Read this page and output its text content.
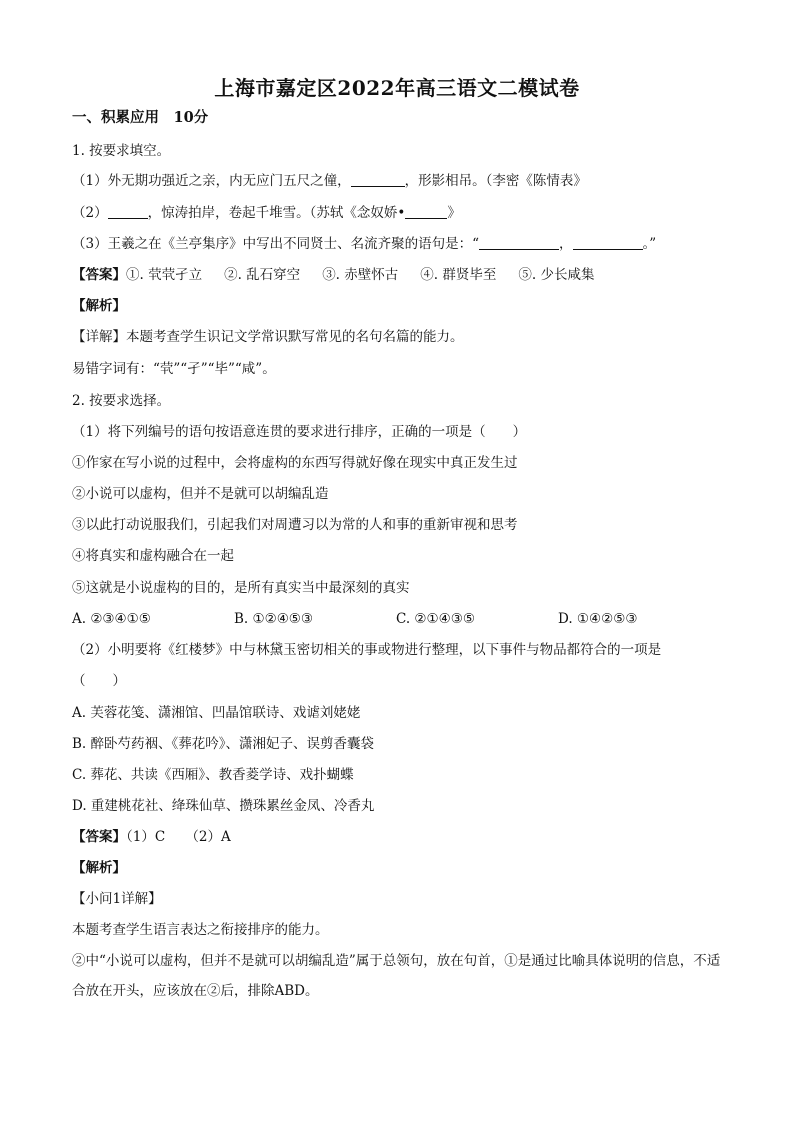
上海市嘉定区2022年高三语文二模试卷
一、积累应用　10分
1. 按要求填空。
（1）外无期功强近之亲，内无应门五尺之僮，	，形影相吊。（李密《陈情表》
（2）	，惊涛拍岸，卷起千堆雪。（苏轼《念奴娇•	》
（3）王羲之在《兰亭集序》中写出不同贤士、名流齐聚的语句是：“	，	。”
【答案】①. 茕茕孑立 ②. 乱石穿空 ③. 赤壁怀古 ④. 群贤毕至 ⑤. 少长咸集
【解析】
【详解】本题考查学生识记文学常识默写常见的名句名篇的能力。
易错字词有：“茕”“孑”“毕”“咸”。
2. 按要求选择。
（1）将下列编号的语句按语意连贯的要求进行排序，正确的一项是（　　）
①作家在写小说的过程中，会将虚构的东西写得就好像在现实中真正发生过
②小说可以虚构，但并不是就可以胡编乱造
③以此打动说服我们，引起我们对周遭习以为常的人和事的重新审视和思考
④将真实和虚构融合在一起
⑤这就是小说虚构的目的，是所有真实当中最深刻的真实
A. ②③④①⑤	B. ①②④⑤③	C. ②①④③⑤	D. ①④②⑤③
（2）小明要将《红楼梦》中与林黛玉密切相关的事或物进行整理，以下事件与物品都符合的一项是
（　　）
A. 芙蓉花笺、潇湘馆、凹晶馆联诗、戏谑刘姥姥
B. 醉卧芍药裀、《葬花吟》、潇湘妃子、误剪香囊袋
C. 葬花、共读《西厢》、教香菱学诗、戏扑蝴蝶
D. 重建桃花社、绛珠仙草、攒珠累丝金凤、冷香丸
【答案】（1）C　　（2）A
【解析】
【小问1详解】
本题考查学生语言表达之衔接排序的能力。
②中“小说可以虚构，但并不是就可以胡编乱造”属于总领句，放在句首，①是通过比喻具体说明的信息，不适合放在开头，应该放在②后，排除ABD。
